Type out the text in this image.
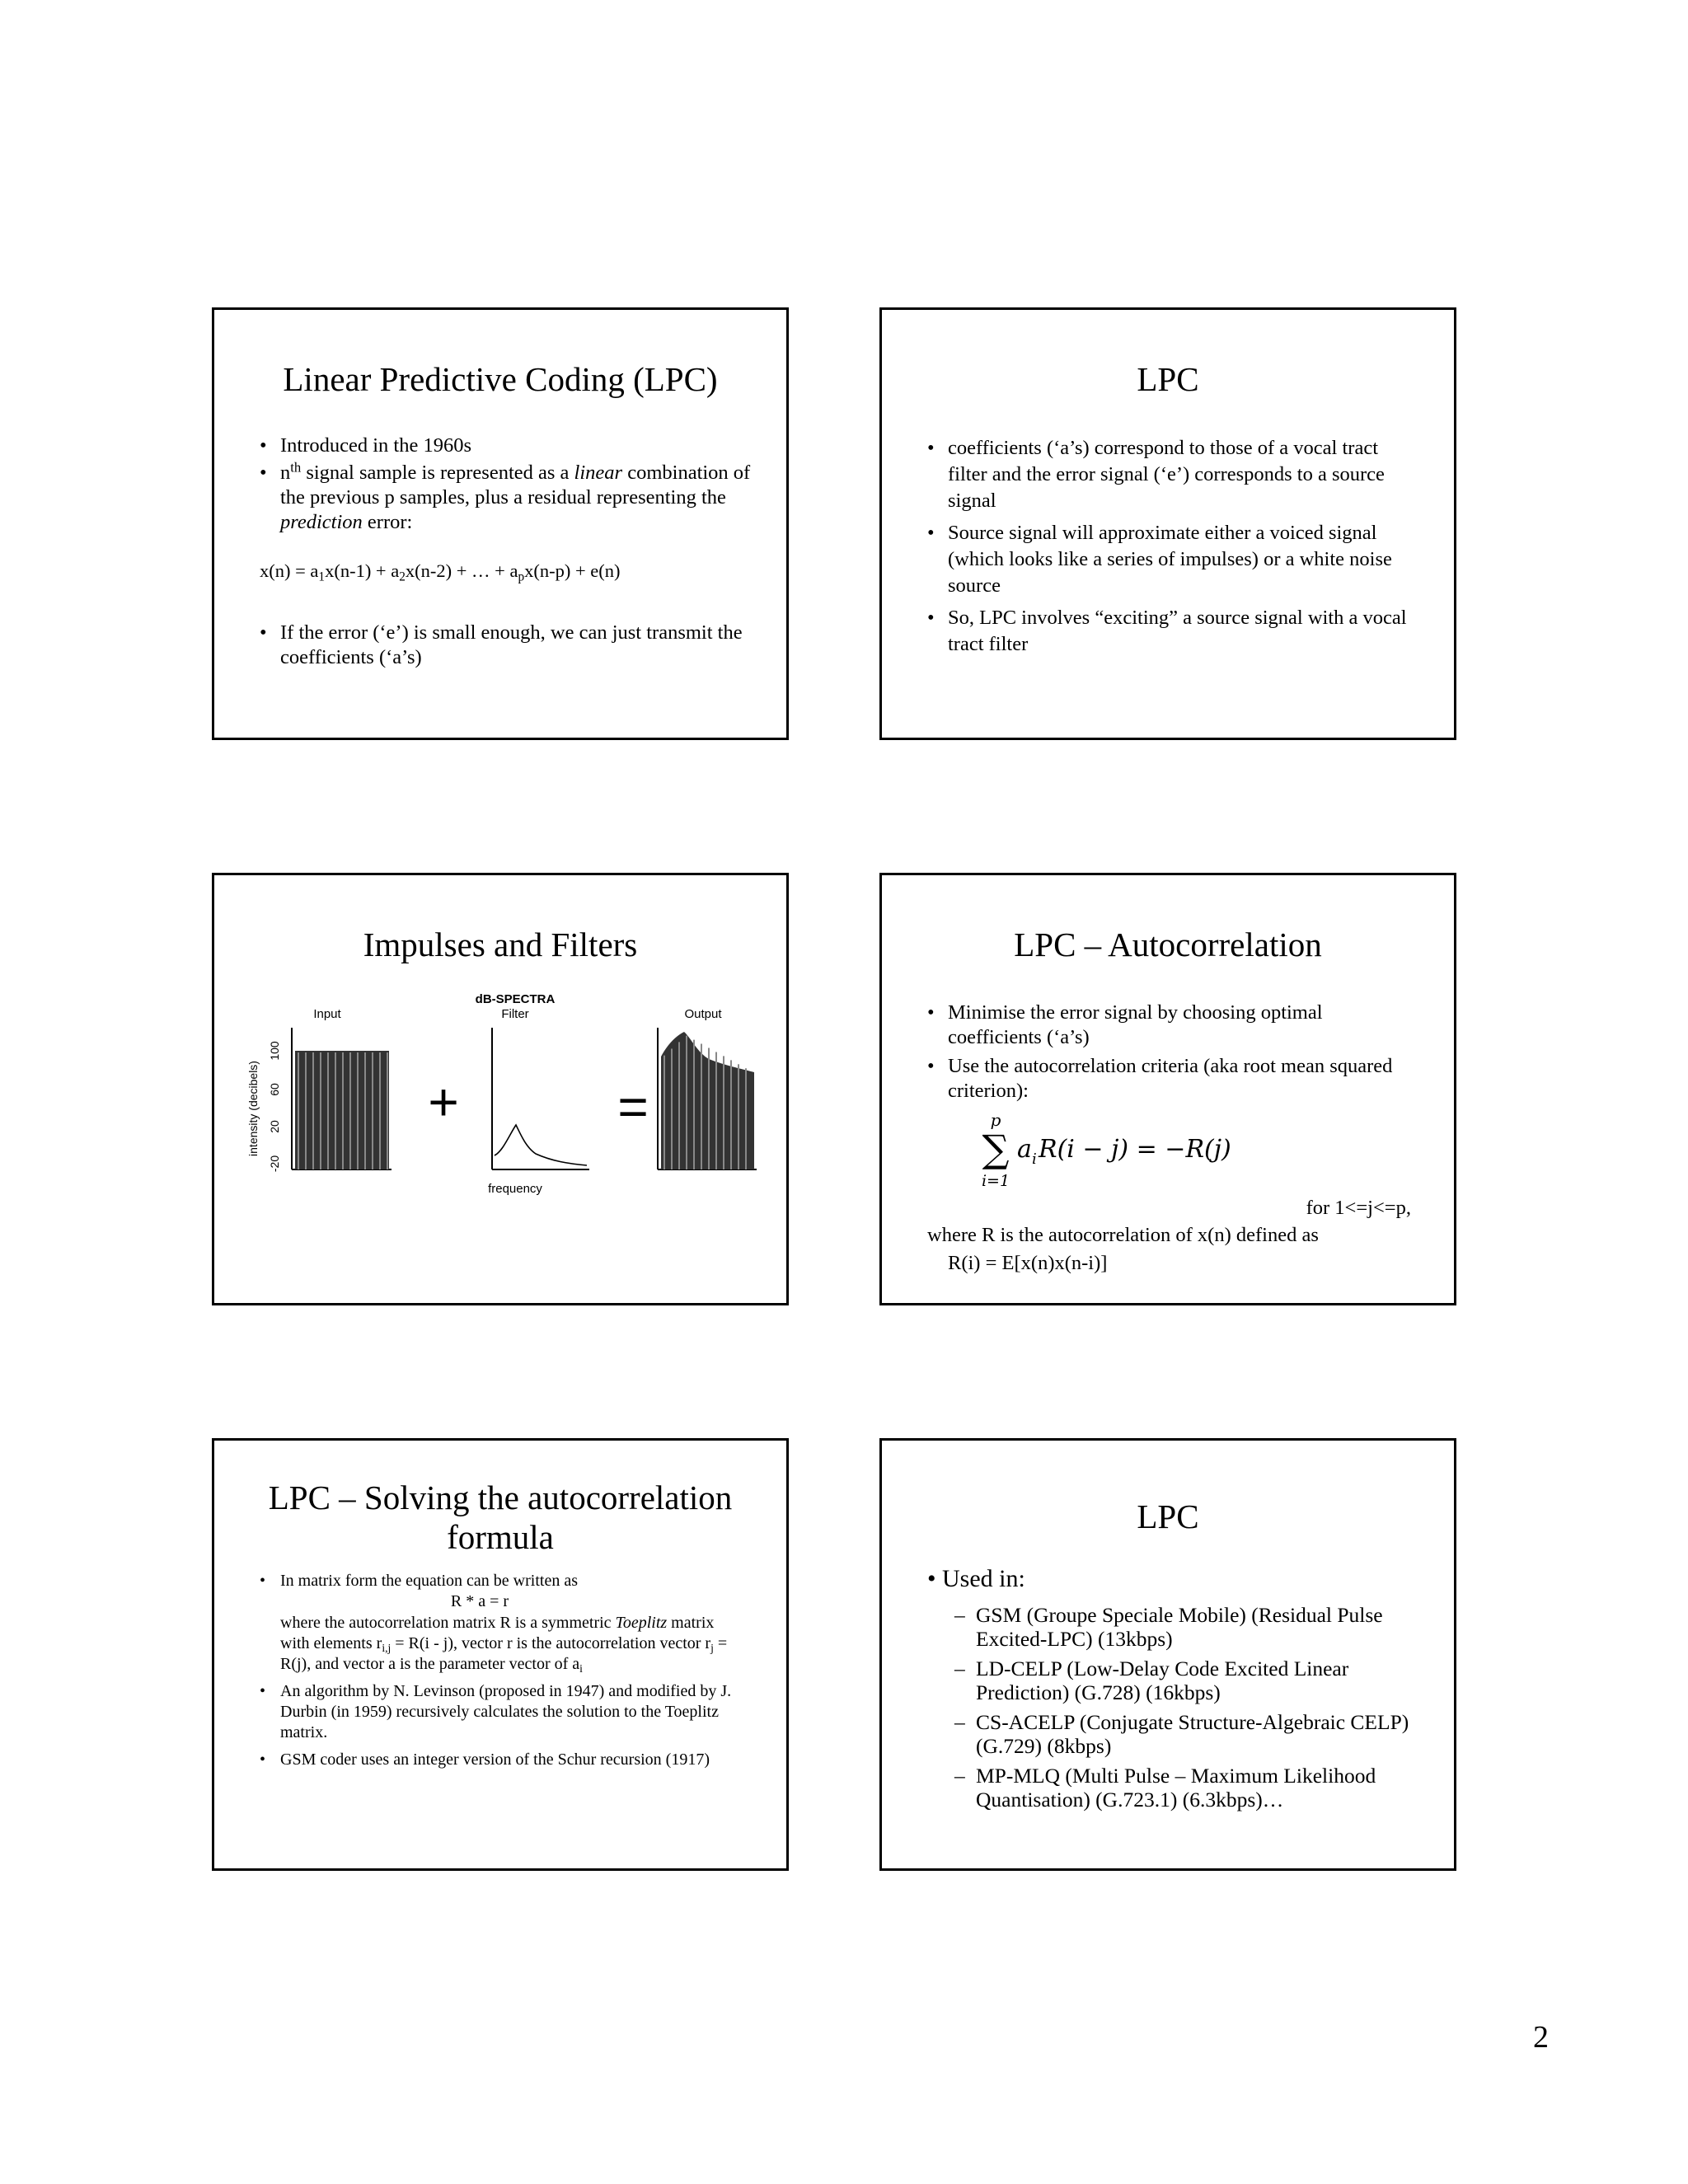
Linear Predictive Coding (LPC)
• Introduced in the 1960s
• $n^{th}$ signal sample is represented as a linear combination of the previous p samples, plus a residual representing the prediction error:
$x(n) = a_1x(n-1) + a_2x(n-2)$ + … + $a_px(n-p) + e(n)$
• If the error (‘e’) is small enough, we can just transmit the coefficients (‘a’s)
LPC
• coefficients (‘a’s) correspond to those of a vocal tract filter and the error signal (‘e’) corresponds to a source signal
• Source signal will approximate either a voiced signal (which looks like a series of impulses) or a white noise source
• So, LPC involves “exciting” a source signal with a vocal tract filter
Impulses and Filters
dB-SPECTRA
Input	Filter	Output
intensity (decibels)
100
60
20
-20
+
frequency
=
LPC – Autocorrelation
• Minimise the error signal by choosing optimal coefficients (‘a’s)
• Use the autocorrelation criteria (aka root mean squared criterion):
p
∑
i=1
a i R(i − j) = −R(j)
for 1<=j<=p,
where R is the autocorrelation of x(n) defined as
R(i) = E[x(n)x(n-i)]
LPC – Solving the autocorrelation
formula
• In matrix form the equation can be written as
R * a = r
where the autocorrelation matrix R is a symmetric Toeplitz matrix with elements $r_{i,j} = R(i - j)$, vector r is the autocorrelation vector $r_j = R(j)$, and vector a is the parameter vector of $a_i$
• An algorithm by N. Levinson (proposed in 1947) and modified by J. Durbin (in 1959) recursively calculates the solution to the Toeplitz matrix.
• GSM coder uses an integer version of the Schur recursion (1917)
LPC
• Used in:
– GSM (Groupe Speciale Mobile) (Residual Pulse Excited-LPC) (13kbps)
– LD-CELP (Low-Delay Code Excited Linear Prediction) (G.728) (16kbps)
– CS-ACELP (Conjugate Structure-Algebraic CELP) (G.729) (8kbps)
– MP-MLQ (Multi Pulse – Maximum Likelihood Quantisation) (G.723.1) (6.3kbps)…
2
